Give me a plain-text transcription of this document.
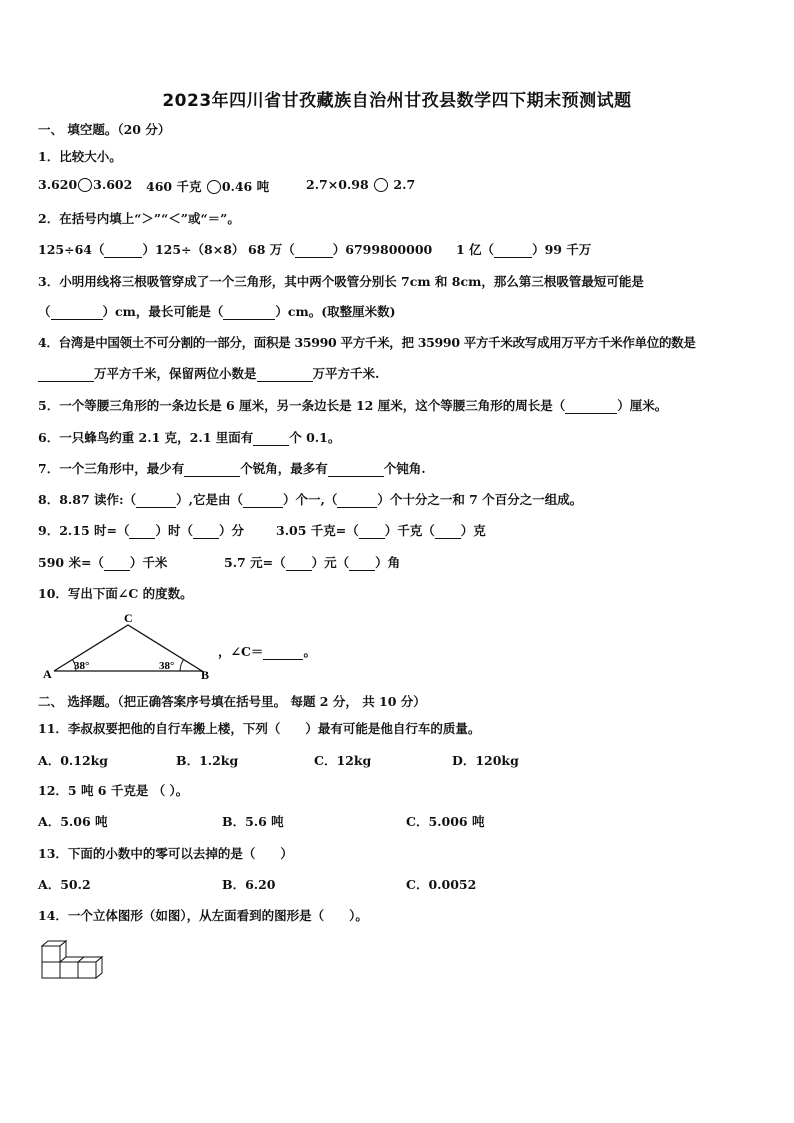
2023年四川省甘孜藏族自治州甘孜县数学四下期末预测试题
一、 填空题。（20 分）
1．比较大小。
3.620 3.602 460 千克 0.46 吨	2.7×0.98 2.7
2．在括号内填上“＞”“＜”或“＝”。
125÷64（	）125÷（8×8） 68 万（	）6799800000 1 亿（	）99 千万
3．小明用线将三根吸管穿成了一个三角形，其中两个吸管分别长 7cm 和 8cm，那么第三根吸管最短可能是
（	）cm，最长可能是（	）cm。(取整厘米数)
4．台湾是中国领土不可分割的一部分，面积是 35990 平方千米，把 35990 平方千米改写成用万平方千米作单位的数是
万平方千米，保留两位小数是	万平方千米.
5．一个等腰三角形的一条边长是 6 厘米，另一条边长是 12 厘米，这个等腰三角形的周长是（	）厘米。
6．一只蜂鸟约重 2.1 克，2.1 里面有	个 0.1。
7．一个三角形中，最少有	个锐角，最多有	个钝角.
8．8.87 读作:（	）,它是由（	）个一,（	）个十分之一和 7 个百分之一组成。
9．2.15 时=（ ）时（ ）分	3.05 千克=（ ）千克（ ）克
590 米=（ ）千米	5.7 元=（ ）元（ ）角
10．写出下面∠C 的度数。
C
A	B
38°	38°
，∠C＝	。
二、 选择题。（把正确答案序号填在括号里。 每题 2 分， 共 10 分）
11．李叔叔要把他的自行车搬上楼，下列（　　）最有可能是他自行车的质量。
A．0.12kg	B．1.2kg	C．12kg	D．120kg
12．5 吨 6 千克是 （ ）。
A．5.06 吨	B．5.6 吨	C．5.006 吨
13．下面的小数中的零可以去掉的是（　　）
A．50.2	B．6.20	C．0.0052
14．一个立体图形（如图），从左面看到的图形是（　　）。
